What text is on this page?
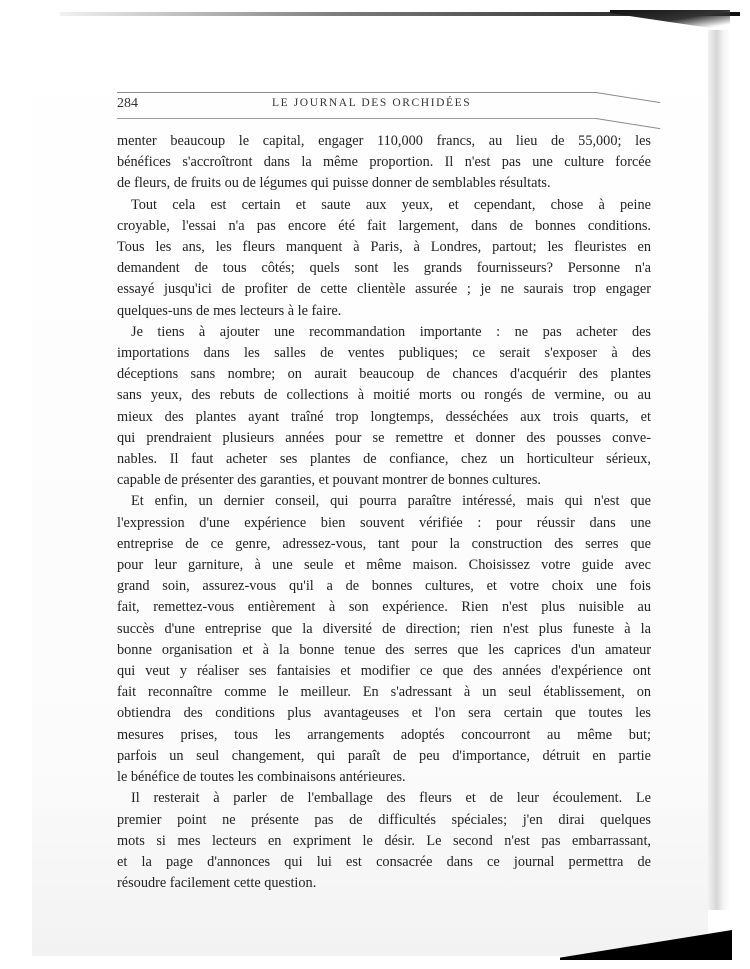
284	LE JOURNAL DES ORCHIDÉES

menter beaucoup le capital, engager 110,000 francs, au lieu de 55,000; les
bénéfices s'accroîtront dans la même proportion. Il n'est pas une culture forcée
de fleurs, de fruits ou de légumes qui puisse donner de semblables résultats.

Tout cela est certain et saute aux yeux, et cependant, chose à peine
croyable, l'essai n'a pas encore été fait largement, dans de bonnes conditions.
Tous les ans, les fleurs manquent à Paris, à Londres, partout; les fleuristes en
demandent de tous côtés; quels sont les grands fournisseurs? Personne n'a
essayé jusqu'ici de profiter de cette clientèle assurée ; je ne saurais trop engager
quelques-uns de mes lecteurs à le faire.

Je tiens à ajouter une recommandation importante : ne pas acheter des
importations dans les salles de ventes publiques; ce serait s'exposer à des
déceptions sans nombre; on aurait beaucoup de chances d'acquérir des plantes
sans yeux, des rebuts de collections à moitié morts ou rongés de vermine, ou au
mieux des plantes ayant traîné trop longtemps, desséchées aux trois quarts, et
qui prendraient plusieurs années pour se remettre et donner des pousses conve-
nables. Il faut acheter ses plantes de confiance, chez un horticulteur sérieux,
capable de présenter des garanties, et pouvant montrer de bonnes cultures.

Et enfin, un dernier conseil, qui pourra paraître intéressé, mais qui n'est que
l'expression d'une expérience bien souvent vérifiée : pour réussir dans une
entreprise de ce genre, adressez-vous, tant pour la construction des serres que
pour leur garniture, à une seule et même maison. Choisissez votre guide avec
grand soin, assurez-vous qu'il a de bonnes cultures, et votre choix une fois
fait, remettez-vous entièrement à son expérience. Rien n'est plus nuisible au
succès d'une entreprise que la diversité de direction; rien n'est plus funeste à la
bonne organisation et à la bonne tenue des serres que les caprices d'un amateur
qui veut y réaliser ses fantaisies et modifier ce que des années d'expérience ont
fait reconnaître comme le meilleur. En s'adressant à un seul établissement, on
obtiendra des conditions plus avantageuses et l'on sera certain que toutes les
mesures prises, tous les arrangements adoptés concourront au même but;
parfois un seul changement, qui paraît de peu d'importance, détruit en partie
le bénéfice de toutes les combinaisons antérieures.

Il resterait à parler de l'emballage des fleurs et de leur écoulement. Le
premier point ne présente pas de difficultés spéciales; j'en dirai quelques
mots si mes lecteurs en expriment le désir. Le second n'est pas embarrassant,
et la page d'annonces qui lui est consacrée dans ce journal permettra de
résoudre facilement cette question.
